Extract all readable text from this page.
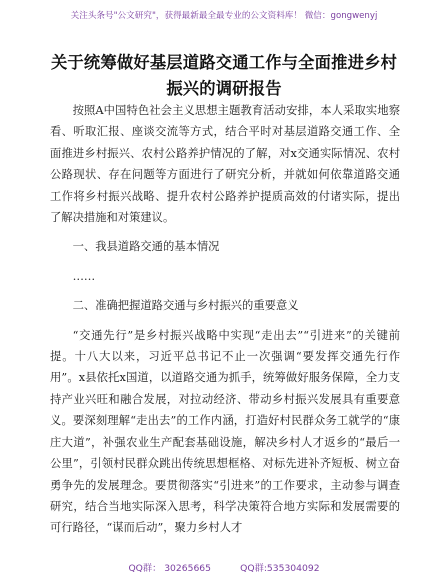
关注头条号"公文研究"，获得最新最全最专业的公文资料库！ 微信：gongwenyj
关于统筹做好基层道路交通工作与全面推进乡村振兴的调研报告

按照A中国特色社会主义思想主题教育活动安排，本人采取实地察看、听取汇报、座谈交流等方式，结合平时对基层道路交通工作、全面推进乡村振兴、农村公路养护情况的了解，对x交通实际情况、农村公路现状、存在问题等方面进行了研究分析，并就如何依靠道路交通工作将乡村振兴战略、提升农村公路养护提质高效的付诸实际，提出了解决措施和对策建议。

一、我县道路交通的基本情况

……

二、准确把握道路交通与乡村振兴的重要意义

“交通先行”是乡村振兴战略中实现“走出去”“引进来”的关键前提。十八大以来，习近平总书记不止一次强调“要发挥交通先行作用”。x县依托x国道，以道路交通为抓手，统筹做好服务保障，全力支持产业兴旺和融合发展，对拉动经济、带动乡村振兴发展具有重要意义。要深刻理解“走出去”的工作内涵，打造好村民群众务工就学的“康庄大道”，补强农业生产配套基础设施，解决乡村人才返乡的“最后一公里”，引领村民群众跳出传统思想框格、对标先进补齐短板、树立奋勇争先的发展理念。要贯彻落实“引进来”的工作要求，主动参与调查研究，结合当地实际深入思考，科学决策符合地方实际和发展需要的可行路径，“谋而后动”，聚力乡村人才

QQ群： 30265665          QQ群:535304092
